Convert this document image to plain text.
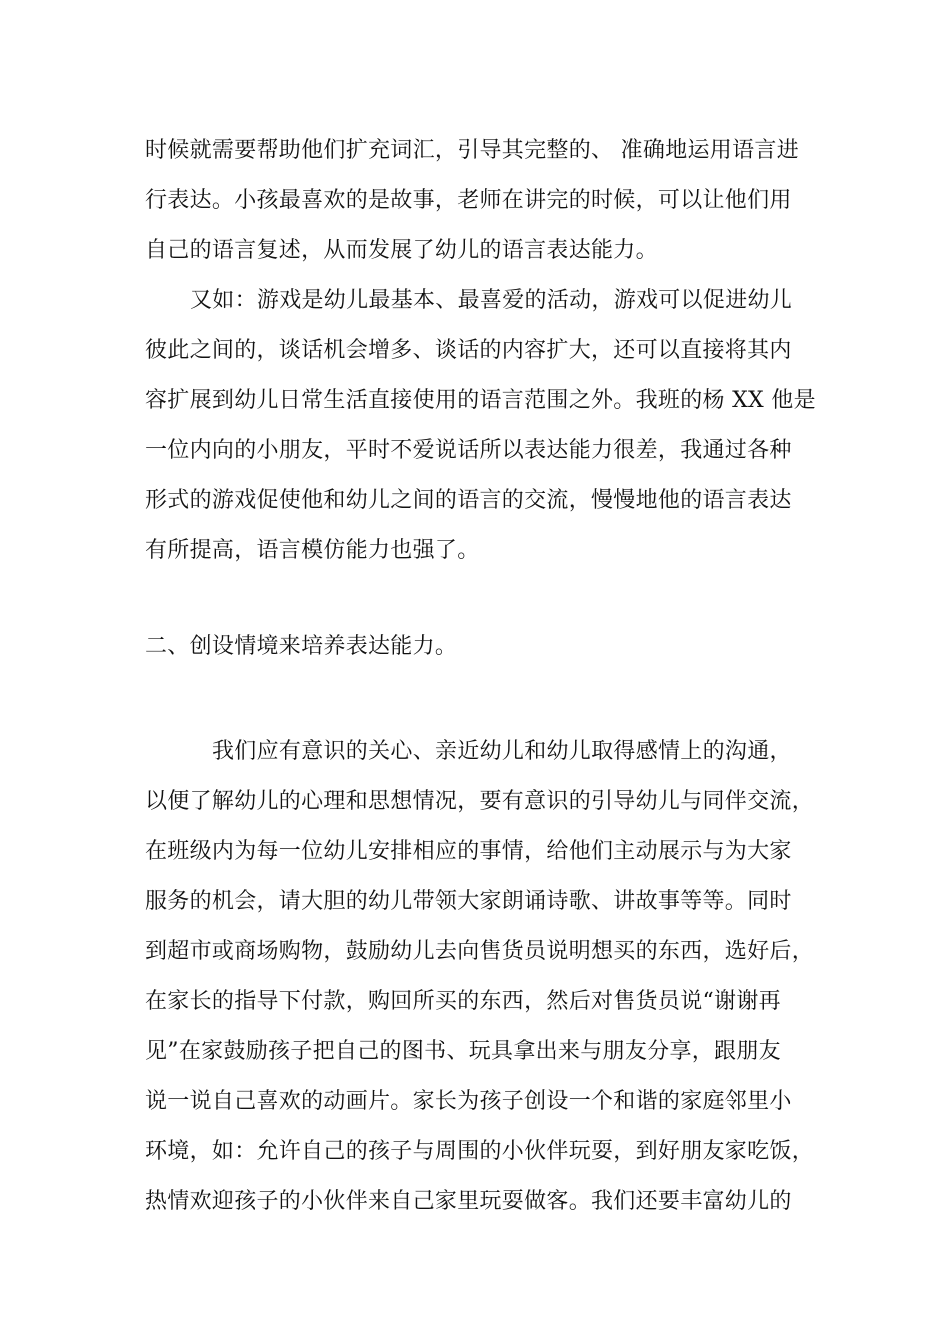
时候就需要帮助他们扩充词汇，引导其完整的、 准确地运用语言进
行表达。小孩最喜欢的是故事，老师在讲完的时候，可以让他们用
自己的语言复述，从而发展了幼儿的语言表达能力。
又如：游戏是幼儿最基本、最喜爱的活动，游戏可以促进幼儿
彼此之间的，谈话机会增多、谈话的内容扩大，还可以直接将其内
容扩展到幼儿日常生活直接使用的语言范围之外。我班的杨 XX 他是
一位内向的小朋友，平时不爱说话所以表达能力很差，我通过各种
形式的游戏促使他和幼儿之间的语言的交流，慢慢地他的语言表达
有所提高，语言模仿能力也强了。
二、创设情境来培养表达能力。
我们应有意识的关心、亲近幼儿和幼儿取得感情上的沟通，
以便了解幼儿的心理和思想情况，要有意识的引导幼儿与同伴交流，
在班级内为每一位幼儿安排相应的事情，给他们主动展示与为大家
服务的机会，请大胆的幼儿带领大家朗诵诗歌、讲故事等等。同时
到超市或商场购物，鼓励幼儿去向售货员说明想买的东西，选好后，
在家长的指导下付款，购回所买的东西，然后对售货员说“谢谢再
见”在家鼓励孩子把自己的图书、玩具拿出来与朋友分享，跟朋友
说一说自己喜欢的动画片。家长为孩子创设一个和谐的家庭邻里小
环境，如：允许自己的孩子与周围的小伙伴玩耍，到好朋友家吃饭，
热情欢迎孩子的小伙伴来自己家里玩耍做客。我们还要丰富幼儿的
